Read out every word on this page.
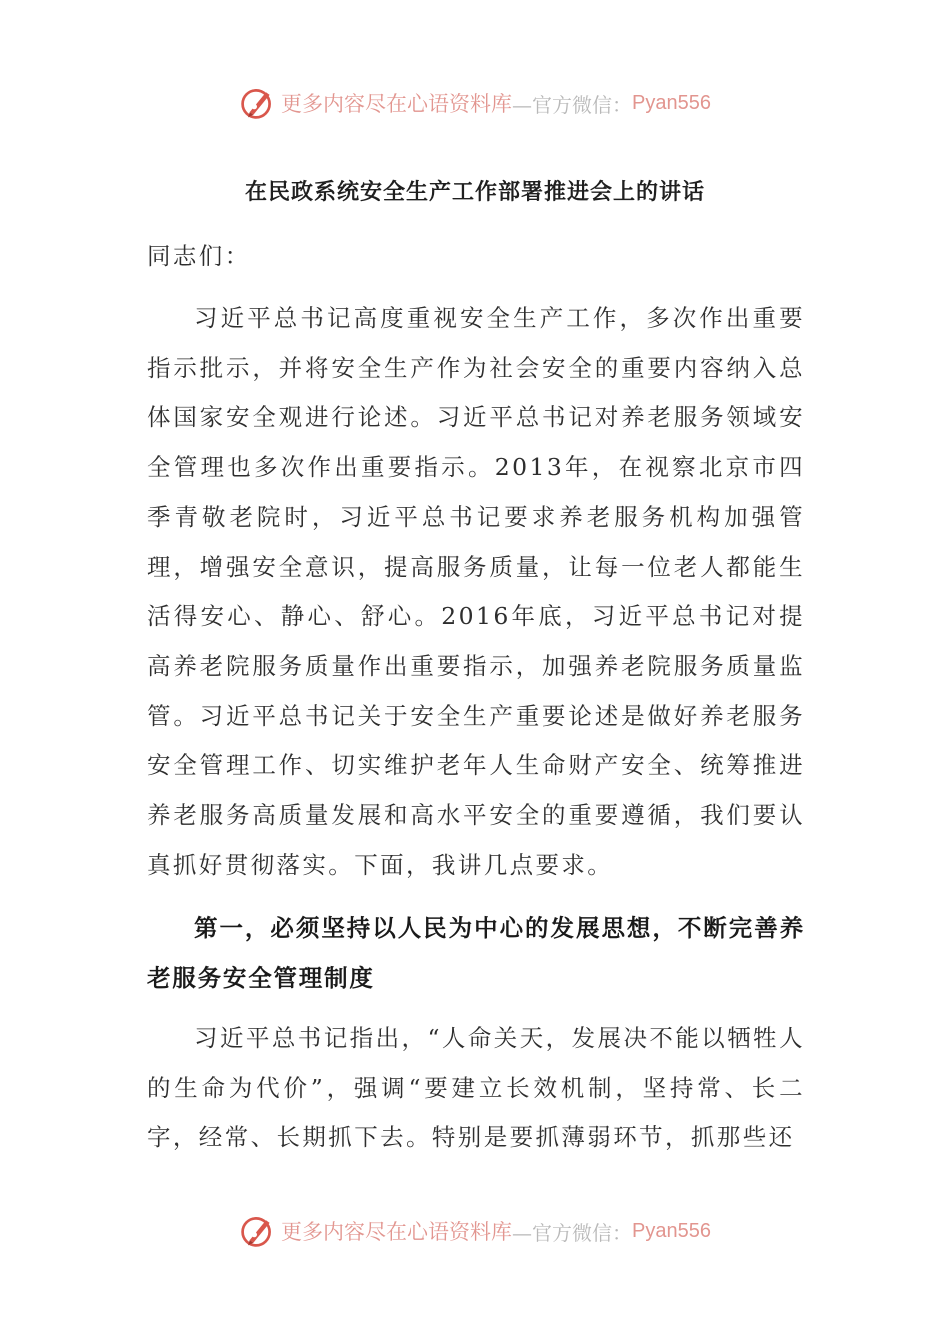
更多内容尽在心语资料库 —官方微信： Pyan556
在民政系统安全生产工作部署推进会上的讲话

同志们：

习近平总书记高度重视安全生产工作，多次作出重要指示批示，并将安全生产作为社会安全的重要内容纳入总体国家安全观进行论述。习近平总书记对养老服务领域安全管理也多次作出重要指示。2013年，在视察北京市四季青敬老院时，习近平总书记要求养老服务机构加强管理，增强安全意识，提高服务质量，让每一位老人都能生活得安心、静心、舒心。2016年底，习近平总书记对提高养老院服务质量作出重要指示，加强养老院服务质量监管。习近平总书记关于安全生产重要论述是做好养老服务安全管理工作、切实维护老年人生命财产安全、统筹推进养老服务高质量发展和高水平安全的重要遵循，我们要认真抓好贯彻落实。下面，我讲几点要求。

第一，必须坚持以人民为中心的发展思想，不断完善养老服务安全管理制度

习近平总书记指出，“人命关天，发展决不能以牺牲人的生命为代价”，强调“要建立长效机制，坚持常、长二字，经常、长期抓下去。特别是要抓薄弱环节，抓那些还

更多内容尽在心语资料库 —官方微信： Pyan556
